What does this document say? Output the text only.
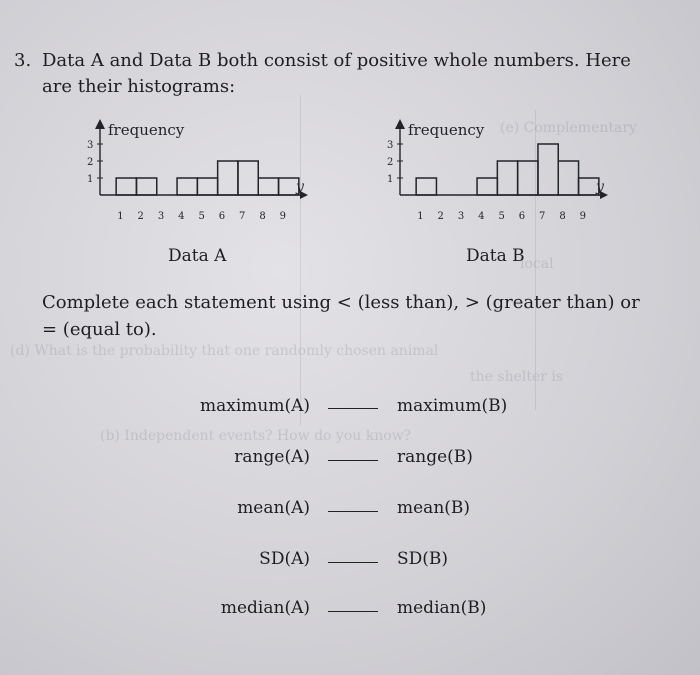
(d) What is the probability that one randomly chosen animal
the shelter is
(b) Independent events? How do you know?
(e) Complementary
local
3. Data A and Data B both consist of positive whole numbers. Here
are their histograms:
1
2
3
frequency
y
1 2 3 4 5 6 7 8 9
Data A
1
2
3
frequency
y
1 2 3 4 5 6 7 8 9
Data B
Complete each statement using < (less than), > (greater than) or
= (equal to).
maximum(A)	maximum(B)
range(A)	range(B)
mean(A)	mean(B)
SD(A)	SD(B)
median(A)	median(B)
